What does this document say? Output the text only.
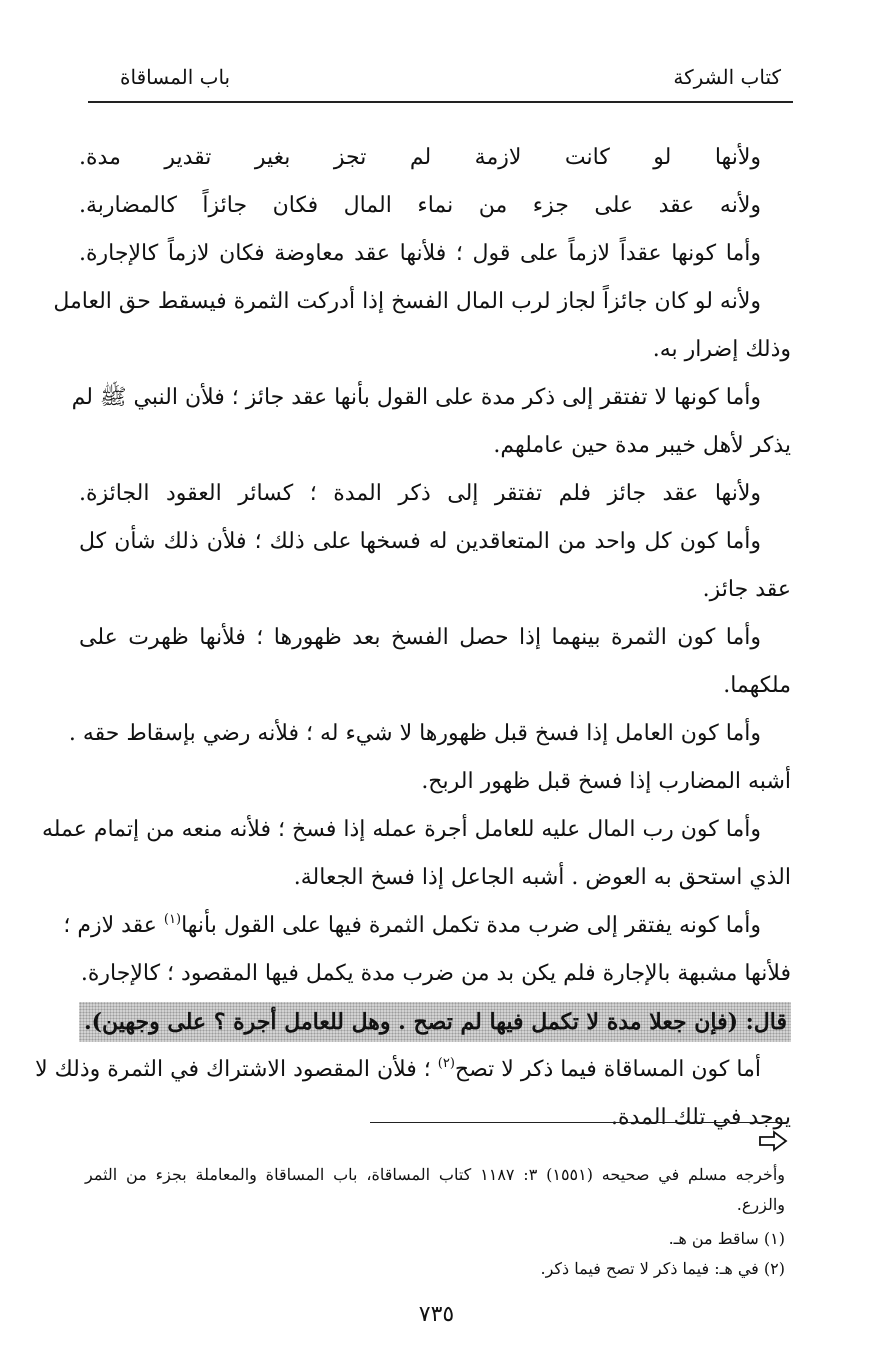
كتاب الشركة
باب المساقاة
ولأنها لو كانت لازمة لم تجز بغير تقدير مدة.
ولأنه عقد على جزء من نماء المال فكان جائزاً كالمضاربة.
وأما كونها عقداً لازماً على قول ؛ فلأنها عقد معاوضة فكان لازماً كالإجارة.
ولأنه لو كان جائزاً لجاز لرب المال الفسخ إذا أدركت الثمرة فيسقط حق العامل
وذلك إضرار به.
وأما كونها لا تفتقر إلى ذكر مدة على القول بأنها عقد جائز ؛ فلأن النبي ﷺ لم
يذكر لأهل خيبر مدة حين عاملهم.
ولأنها عقد جائز فلم تفتقر إلى ذكر المدة ؛ كسائر العقود الجائزة.
وأما كون كل واحد من المتعاقدين له فسخها على ذلك ؛ فلأن ذلك شأن كل
عقد جائز.
وأما كون الثمرة بينهما إذا حصل الفسخ بعد ظهورها ؛ فلأنها ظهرت على
ملكهما.
وأما كون العامل إذا فسخ قبل ظهورها لا شيء له ؛ فلأنه رضي بإسقاط حقه .
أشبه المضارب إذا فسخ قبل ظهور الربح.
وأما كون رب المال عليه للعامل أجرة عمله إذا فسخ ؛ فلأنه منعه من إتمام عمله
الذي استحق به العوض . أشبه الجاعل إذا فسخ الجعالة.
وأما كونه يفتقر إلى ضرب مدة تكمل الثمرة فيها على القول بأنها$^{(١)}$ عقد لازم ؛
فلأنها مشبهة بالإجارة فلم يكن بد من ضرب مدة يكمل فيها المقصود ؛ كالإجارة.
قال: (فإن جعلا مدة لا تكمل فيها لم تصح . وهل للعامل أجرة ؟ على وجهين).
أما كون المساقاة فيما ذكر لا تصح$^{(٢)}$ ؛ فلأن المقصود الاشتراك في الثمرة وذلك لا
يوجد في تلك المدة.
وأخرجه مسلم في صحيحه (١٥٥١) ٣: ١١٨٧ كتاب المساقاة، باب المساقاة والمعاملة بجزء من الثمر
والزرع.
(١) ساقط من هـ.
(٢) في هـ: فيما ذكر لا تصح فيما ذكر.
٧٣٥
